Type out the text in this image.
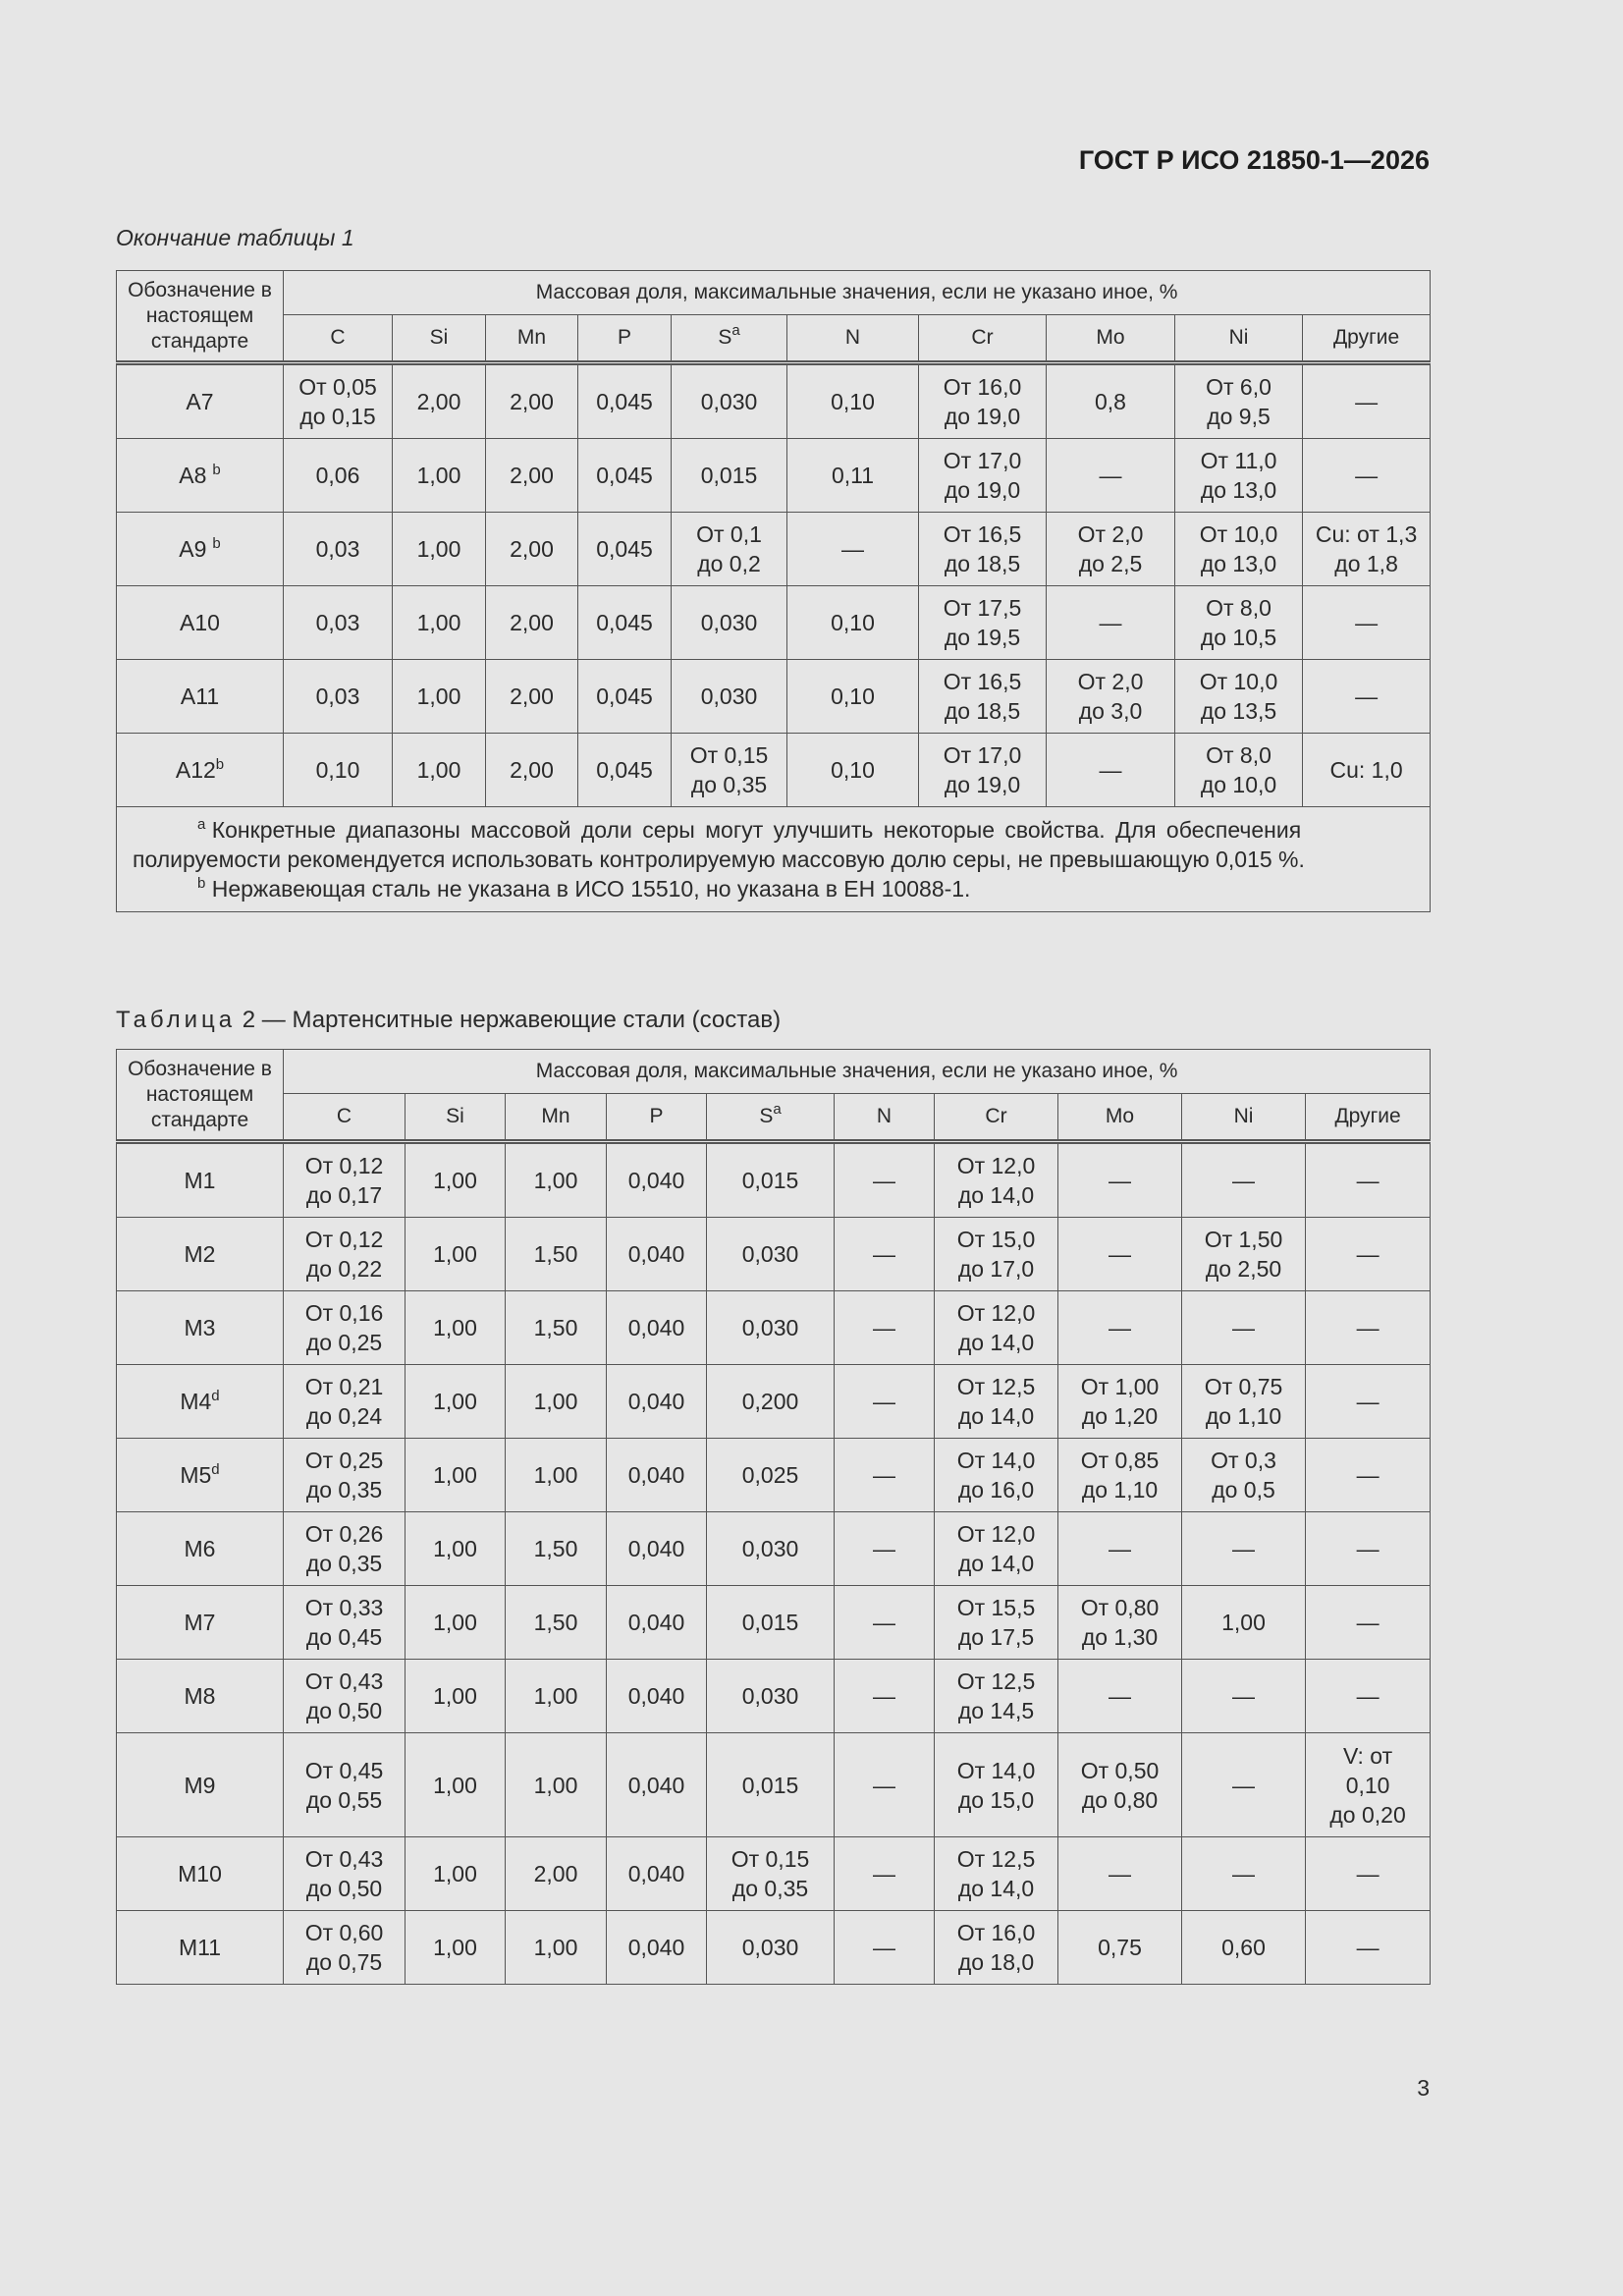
ГОСТ Р ИСО 21850-1—2026
Окончание таблицы 1
Обозначение в настоящем стандарте	Массовая доля, максимальные значения, если не указано иное, %									
	C	Si	Mn	P	$S^a$	N	Cr	Mo	Ni	Другие
A7	От 0,05
до 0,15	2,00	2,00	0,045	0,030	0,10	От 16,0
до 19,0	0,8	От 6,0
до 9,5	—
A8 $^b$	0,06	1,00	2,00	0,045	0,015	0,11	От 17,0
до 19,0	—	От 11,0
до 13,0	—
A9 $^b$	0,03	1,00	2,00	0,045	От 0,1
до 0,2	—	От 16,5
до 18,5	От 2,0
до 2,5	От 10,0
до 13,0	Cu: от 1,3
до 1,8
A10	0,03	1,00	2,00	0,045	0,030	0,10	От 17,5
до 19,5	—	От 8,0
до 10,5	—
A11	0,03	1,00	2,00	0,045	0,030	0,10	От 16,5
до 18,5	От 2,0
до 3,0	От 10,0
до 13,5	—
A12$^b$	0,10	1,00	2,00	0,045	От 0,15
до 0,35	0,10	От 17,0
до 19,0	—	От 8,0
до 10,0	Cu: 1,0

$^a$ Конкретные диапазоны массовой доли серы могут улучшить некоторые свойства. Для обеспечения
полируемости рекомендуется использовать контролируемую массовую долю серы, не превышающую 0,015 %.
$^b$ Нержавеющая сталь не указана в ИСО 15510, но указана в ЕН 10088-1.										
Таблица 2 — Мартенситные нержавеющие стали (состав)
Обозначение в настоящем стандарте	Массовая доля, максимальные значения, если не указано иное, %									
	C	Si	Mn	P	$S^a$	N	Cr	Mo	Ni	Другие
M1	От 0,12
до 0,17	1,00	1,00	0,040	0,015	—	От 12,0
до 14,0	—	—	—
M2	От 0,12
до 0,22	1,00	1,50	0,040	0,030	—	От 15,0
до 17,0	—	От 1,50
до 2,50	—
M3	От 0,16
до 0,25	1,00	1,50	0,040	0,030	—	От 12,0
до 14,0	—	—	—
M4$^d$	От 0,21
до 0,24	1,00	1,00	0,040	0,200	—	От 12,5
до 14,0	От 1,00
до 1,20	От 0,75
до 1,10	—
M5$^d$	От 0,25
до 0,35	1,00	1,00	0,040	0,025	—	От 14,0
до 16,0	От 0,85
до 1,10	От 0,3
до 0,5	—
M6	От 0,26
до 0,35	1,00	1,50	0,040	0,030	—	От 12,0
до 14,0	—	—	—
M7	От 0,33
до 0,45	1,00	1,50	0,040	0,015	—	От 15,5
до 17,5	От 0,80
до 1,30	1,00	—
M8	От 0,43
до 0,50	1,00	1,00	0,040	0,030	—	От 12,5
до 14,5	—	—	—
M9	От 0,45
до 0,55	1,00	1,00	0,040	0,015	—	От 14,0
до 15,0	От 0,50
до 0,80	—	V: от
0,10
до 0,20
M10	От 0,43
до 0,50	1,00	2,00	0,040	От 0,15
до 0,35	—	От 12,5
до 14,0	—	—	—
M11	От 0,60
до 0,75	1,00	1,00	0,040	0,030	—	От 16,0
до 18,0	0,75	0,60	—
3
